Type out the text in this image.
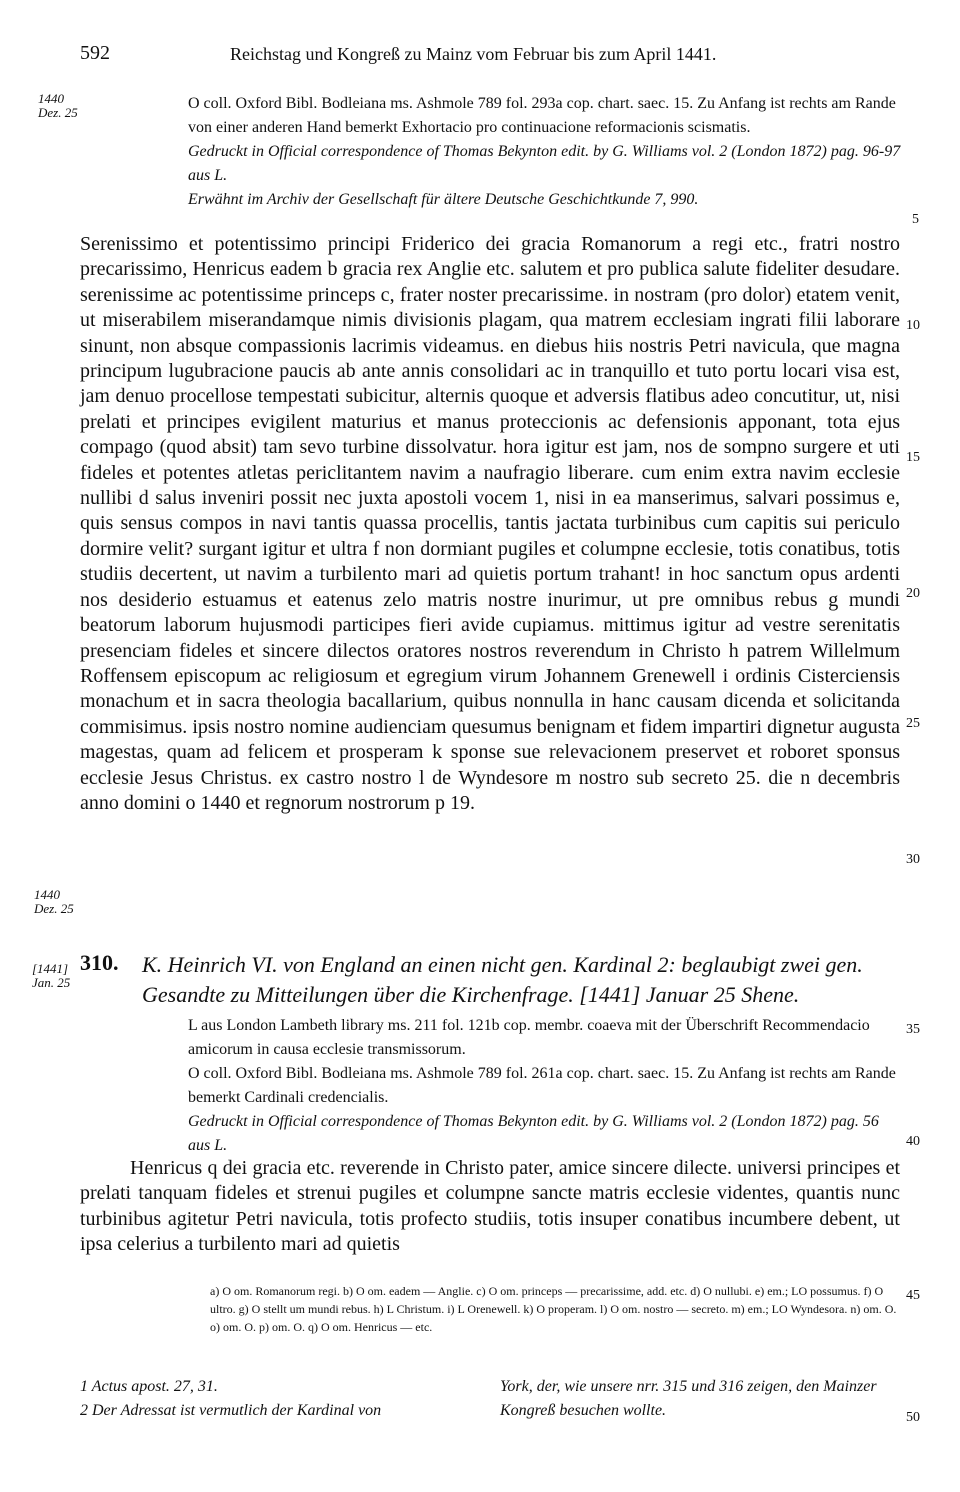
592	Reichstag und Kongreß zu Mainz vom Februar bis zum April 1441.
1440 Dez. 25
1440 Dez. 25
[1441] Jan. 25
5
10
15
20
25
30
35
40
45
50

O coll. Oxford Bibl. Bodleiana ms. Ashmole 789 fol. 293a cop. chart. saec. 15. Zu Anfang ist rechts am Rande von einer anderen Hand bemerkt Exhortacio pro continuacione reformacionis scismatis.

Gedruckt in Official correspondence of Thomas Bekynton edit. by G. Williams vol. 2 (London 1872) pag. 96-97 aus L.

Erwähnt im Archiv der Gesellschaft für ältere Deutsche Geschichtkunde 7, 990.

Serenissimo et potentissimo principi Friderico dei gracia Romanorum a regi etc., fratri nostro precarissimo, Henricus eadem b gracia rex Anglie etc. salutem et pro publica salute fideliter desudare. serenissime ac potentissime princeps c, frater noster precarissime. in nostram (pro dolor) etatem venit, ut miserabilem miserandamque nimis divisionis plagam, qua matrem ecclesiam ingrati filii laborare sinunt, non absque compassionis lacrimis videamus. en diebus hiis nostris Petri navicula, que magna principum lugubracione paucis ab ante annis consolidari ac in tranquillo et tuto portu locari visa est, jam denuo procellose tempestati subicitur, alternis quoque et adversis flatibus adeo concutitur, ut, nisi prelati et principes evigilent maturius et manus proteccionis ac defensionis apponant, tota ejus compago (quod absit) tam sevo turbine dissolvatur. hora igitur est jam, nos de sompno surgere et uti fideles et potentes atletas periclitantem navim a naufragio liberare. cum enim extra navim ecclesie nullibi d salus inveniri possit nec juxta apostoli vocem 1, nisi in ea manserimus, salvari possimus e, quis sensus compos in navi tantis quassa procellis, tantis jactata turbinibus cum capitis sui periculo dormire velit? surgant igitur et ultra f non dormiant pugiles et columpne ecclesie, totis conatibus, totis studiis decertent, ut navim a turbilento mari ad quietis portum trahant! in hoc sanctum opus ardenti nos desiderio estuamus et eatenus zelo matris nostre inurimur, ut pre omnibus rebus g mundi beatorum laborum hujusmodi participes fieri avide cupiamus. mittimus igitur ad vestre serenitatis presenciam fideles et sincere dilectos oratores nostros reverendum in Christo h patrem Willelmum Roffensem episcopum ac religiosum et egregium virum Johannem Grenewell i ordinis Cisterciensis monachum et in sacra theologia bacallarium, quibus nonnulla in hanc causam dicenda et solicitanda commisimus. ipsis nostro nomine audienciam quesumus benignam et fidem impartiri dignetur augusta magestas, quam ad felicem et prosperam k sponse sue relevacionem preservet et roboret sponsus ecclesie Jesus Christus. ex castro nostro l de Wyndesore m nostro sub secreto 25. die n decembris anno domini o 1440 et regnorum nostrorum p 19.

310. K. Heinrich VI. von England an einen nicht gen. Kardinal 2: beglaubigt zwei gen. Gesandte zu Mitteilungen über die Kirchenfrage. [1441] Januar 25 Shene.

L aus London Lambeth library ms. 211 fol. 121b cop. membr. coaeva mit der Überschrift Recommendacio amicorum in causa ecclesie transmissorum.

O coll. Oxford Bibl. Bodleiana ms. Ashmole 789 fol. 261a cop. chart. saec. 15. Zu Anfang ist rechts am Rande bemerkt Cardinali credencialis.

Gedruckt in Official correspondence of Thomas Bekynton edit. by G. Williams vol. 2 (London 1872) pag. 56 aus L.

Henricus q dei gracia etc. reverende in Christo pater, amice sincere dilecte. universi principes et prelati tanquam fideles et strenui pugiles et columpne sancte matris ecclesie videntes, quantis nunc turbinibus agitetur Petri navicula, totis profecto studiis, totis insuper conatibus incumbere debent, ut ipsa celerius a turbilento mari ad quietis

a) O om. Romanorum regi. b) O om. eadem — Anglie. c) O om. princeps — precarissime, add. etc. d) O nullubi. e) em.; LO possumus. f) O ultro. g) O stellt um mundi rebus. h) L Christum. i) L Orenewell. k) O properam. l) O om. nostro — secreto. m) em.; LO Wyndesora. n) om. O. o) om. O. p) om. O. q) O om. Henricus — etc.
1 Actus apost. 27, 31.
2 Der Adressat ist vermutlich der Kardinal von
York, der, wie unsere nrr. 315 und 316 zeigen, den Mainzer Kongreß besuchen wollte.
